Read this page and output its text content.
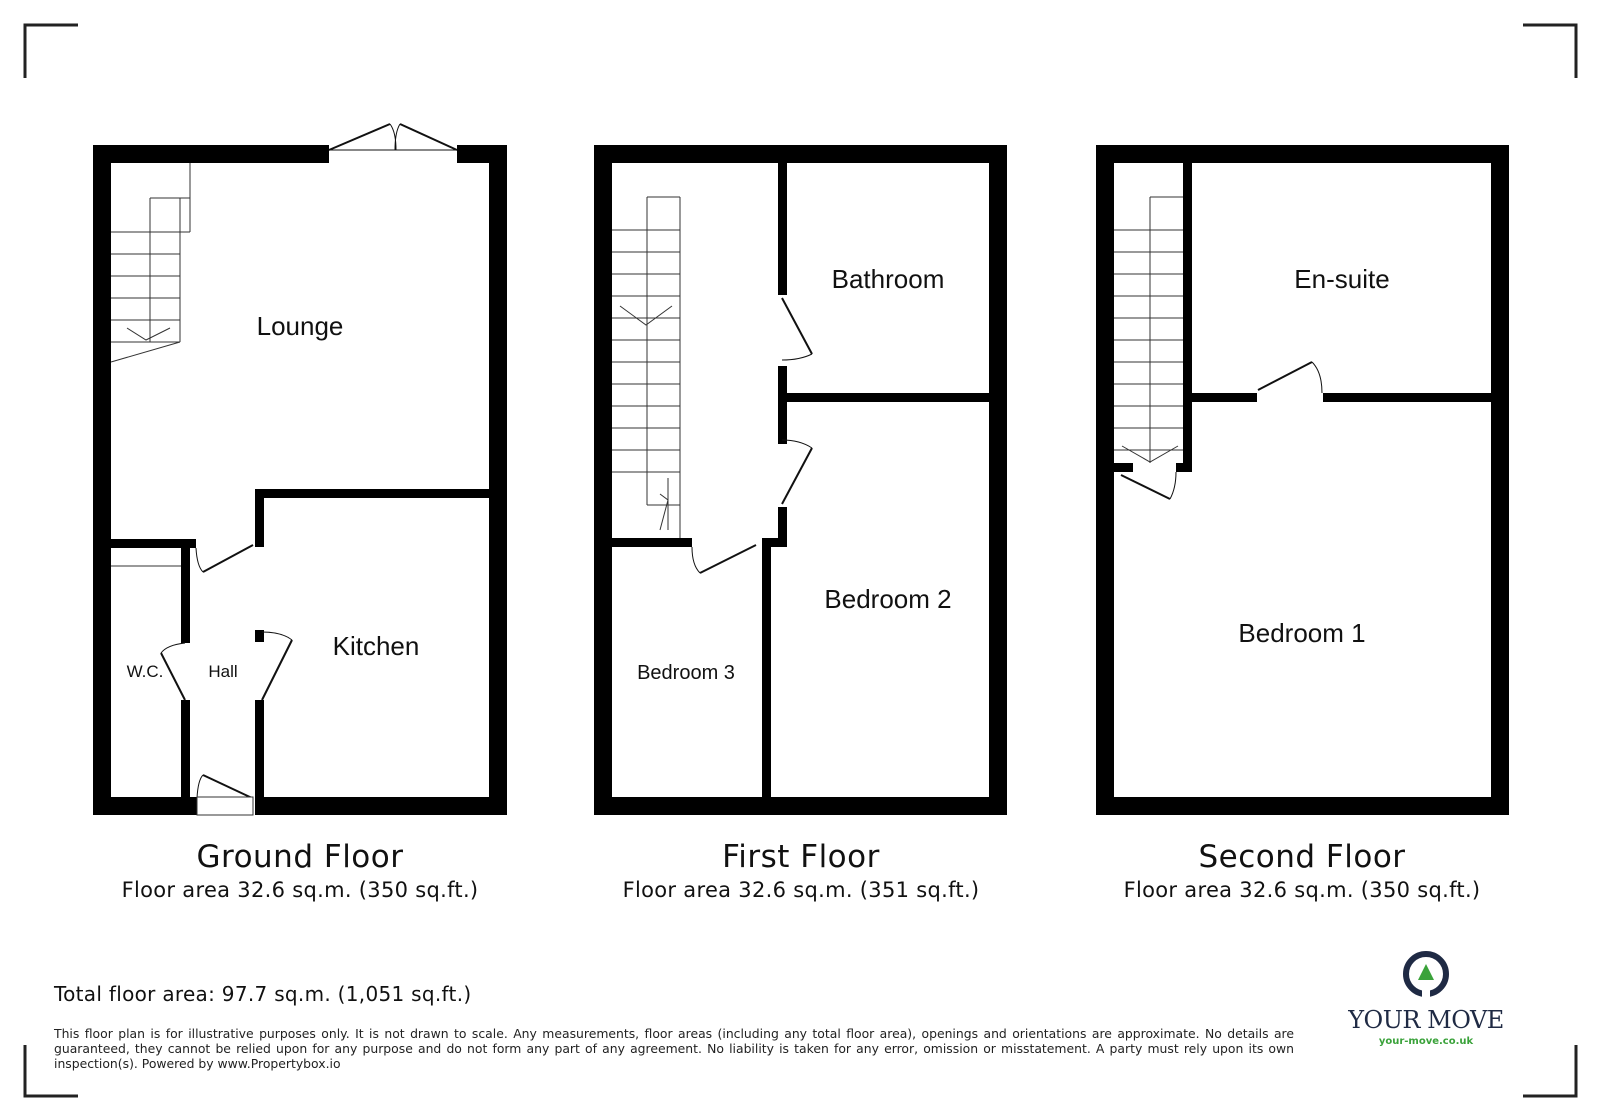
Lounge
Kitchen
W.C.	Hall
Bathroom
Bedroom 2
Bedroom 3
En-suite
Bedroom 1
Ground Floor
Floor area 32.6 sq.m. (350 sq.ft.)
First Floor
Floor area 32.6 sq.m. (351 sq.ft.)
Second Floor
Floor area 32.6 sq.m. (350 sq.ft.)
Total floor area: 97.7 sq.m. (1,051 sq.ft.)
This floor plan is for illustrative purposes only. It is not drawn to scale. Any measurements, floor areas (including any total floor area), openings and orientations are approximate. No details are guaranteed, they cannot be relied upon for any purpose and do not form any part of any agreement. No liability is taken for any error, omission or misstatement. A party must rely upon its own inspection(s). Powered by www.Propertybox.io
YOUR MOVE
your-move.co.uk
